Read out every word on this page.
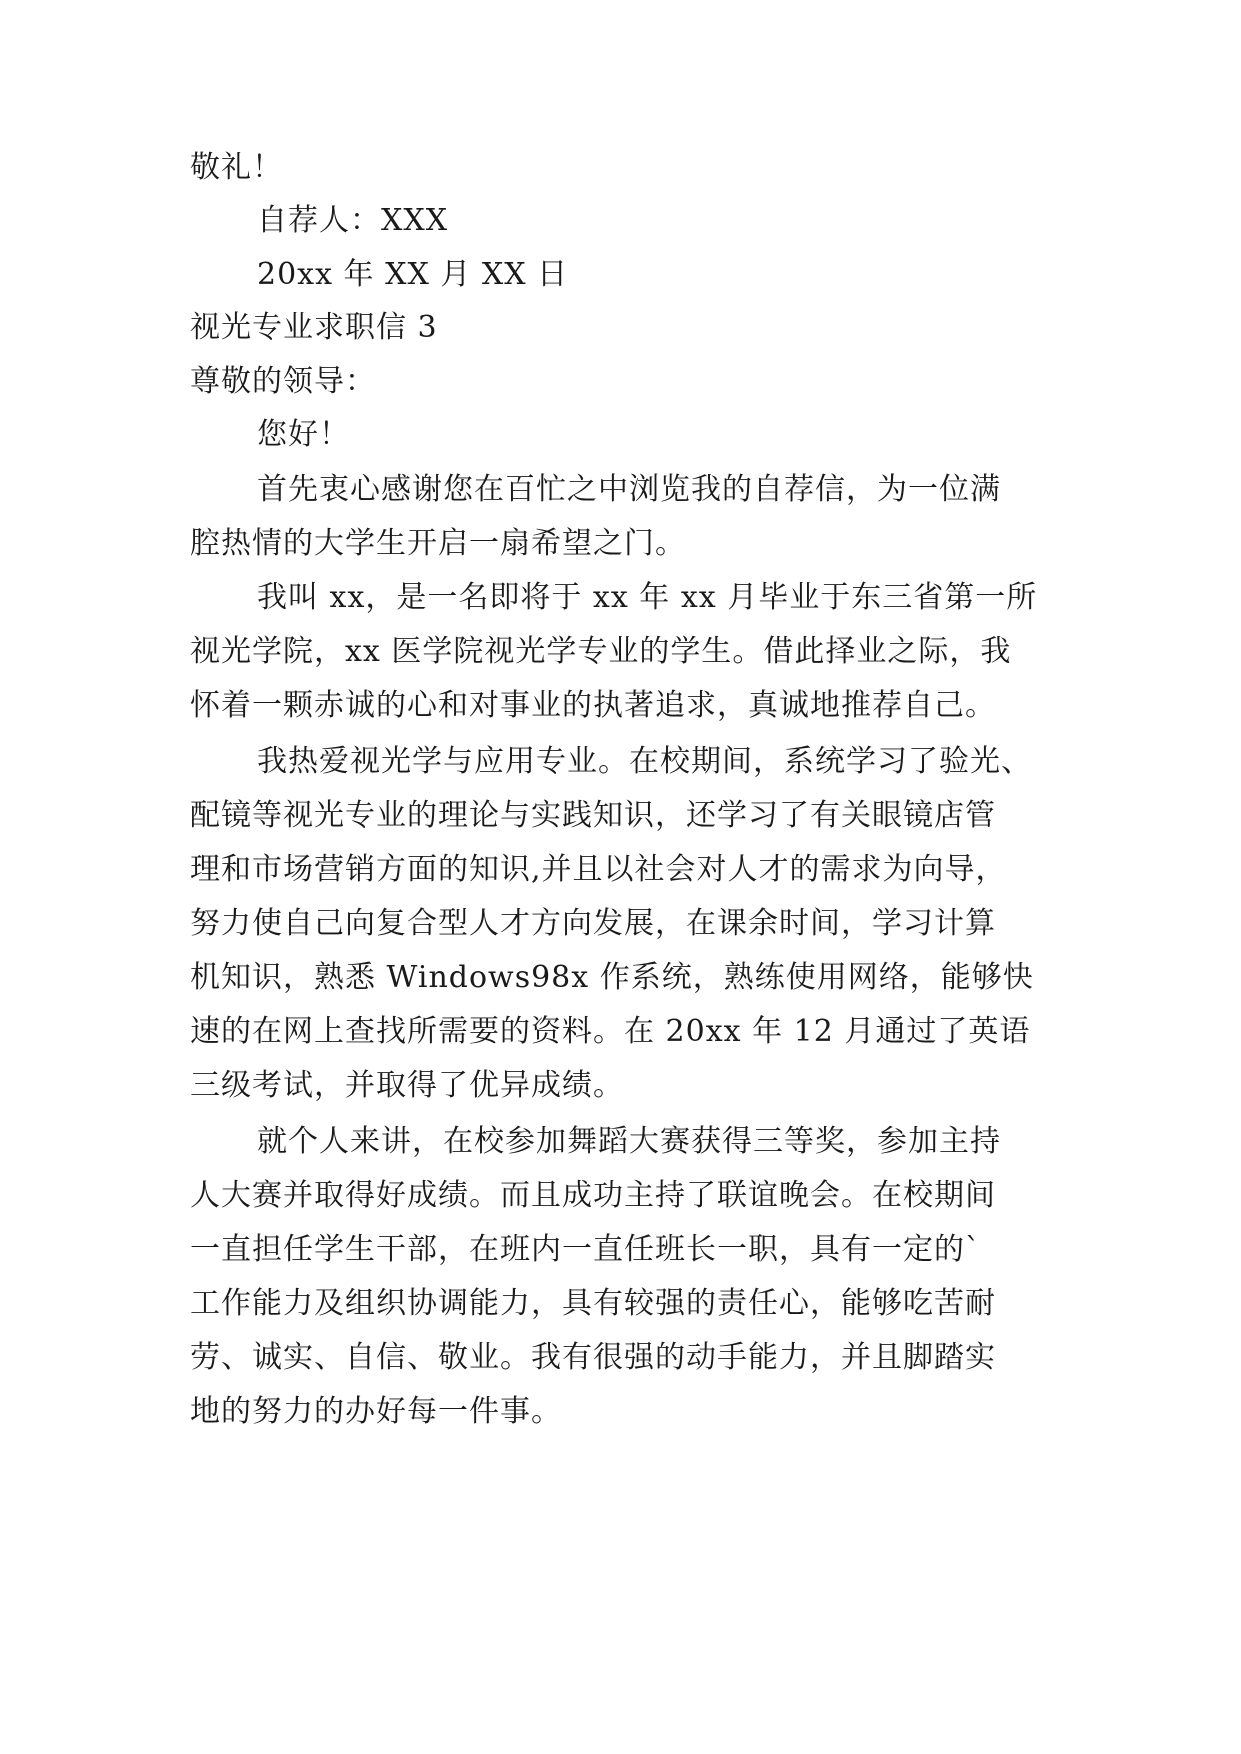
敬礼！
自荐人：XXX
20xx 年 XX 月 XX 日
视光专业求职信 3
尊敬的领导：
您好！
首先衷心感谢您在百忙之中浏览我的自荐信，为一位满
腔热情的大学生开启一扇希望之门。
我叫 xx，是一名即将于 xx 年 xx 月毕业于东三省第一所
视光学院，xx 医学院视光学专业的学生。借此择业之际，我
怀着一颗赤诚的心和对事业的执著追求，真诚地推荐自己。
我热爱视光学与应用专业。在校期间，系统学习了验光、
配镜等视光专业的理论与实践知识，还学习了有关眼镜店管
理和市场营销方面的知识,并且以社会对人才的需求为向导，
努力使自己向复合型人才方向发展，在课余时间，学习计算
机知识，熟悉 Windows98x 作系统，熟练使用网络，能够快
速的在网上查找所需要的资料。在 20xx 年 12 月通过了英语
三级考试，并取得了优异成绩。
就个人来讲，在校参加舞蹈大赛获得三等奖，参加主持
人大赛并取得好成绩。而且成功主持了联谊晚会。在校期间
一直担任学生干部，在班内一直任班长一职，具有一定的`
工作能力及组织协调能力，具有较强的责任心，能够吃苦耐
劳、诚实、自信、敬业。我有很强的动手能力，并且脚踏实
地的努力的办好每一件事。
